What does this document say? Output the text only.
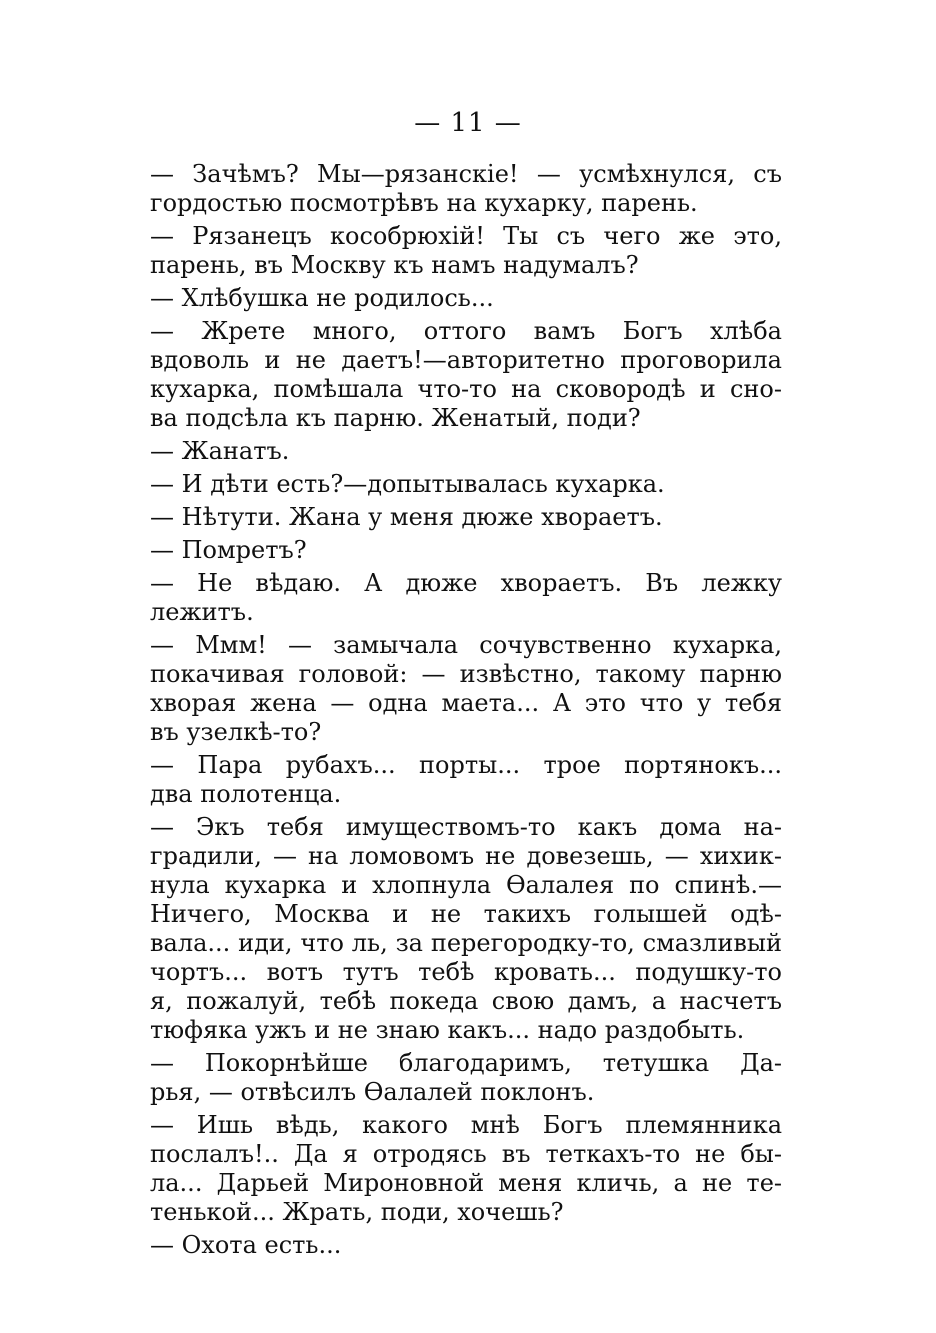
— 11 —
— Зачѣмъ? Мы—рязанскіе! — усмѣхнулся, съ
гордостью посмотрѣвъ на кухарку, парень.
— Рязанецъ кособрюхій! Ты съ чего же это,
парень, въ Москву къ намъ надумалъ?
— Хлѣбушка не родилось...
— Жрете много, оттого вамъ Богъ хлѣба
вдоволь и не даетъ!—авторитетно проговорила
кухарка, помѣшала что-то на сковородѣ и сно-
ва подсѣла къ парню. Женатый, поди?
— Жанатъ.
— И дѣти есть?—допытывалась кухарка.
— Нѣтути. Жана у меня дюже хвораетъ.
— Помретъ?
— Не вѣдаю. А дюже хвораетъ. Въ лежку
лежитъ.
— Ммм! — замычала сочувственно кухарка,
покачивая головой: — извѣстно, такому парню
хворая жена — одна маета... А это что у тебя
въ узелкѣ-то?
— Пара рубахъ... порты... трое портянокъ...
два полотенца.
— Экъ тебя имуществомъ-то какъ дома на-
градили, — на ломовомъ не довезешь, — хихик-
нула кухарка и хлопнула Ѳалалея по спинѣ.—
Ничего, Москва и не такихъ голышей одѣ-
вала... иди, что ль, за перегородку-то, смазливый
чортъ... вотъ тутъ тебѣ кровать... подушку-то
я, пожалуй, тебѣ покеда свою дамъ, а насчетъ
тюфяка ужъ и не знаю какъ... надо раздобыть.
— Покорнѣйше благодаримъ, тетушка Да-
рья, — отвѣсилъ Ѳалалей поклонъ.
— Ишь вѣдь, какого мнѣ Богъ племянника
послалъ!.. Да я отродясь въ теткахъ-то не бы-
ла... Дарьей Мироновной меня кличь, а не те-
тенькой... Жрать, поди, хочешь?
— Охота есть...
